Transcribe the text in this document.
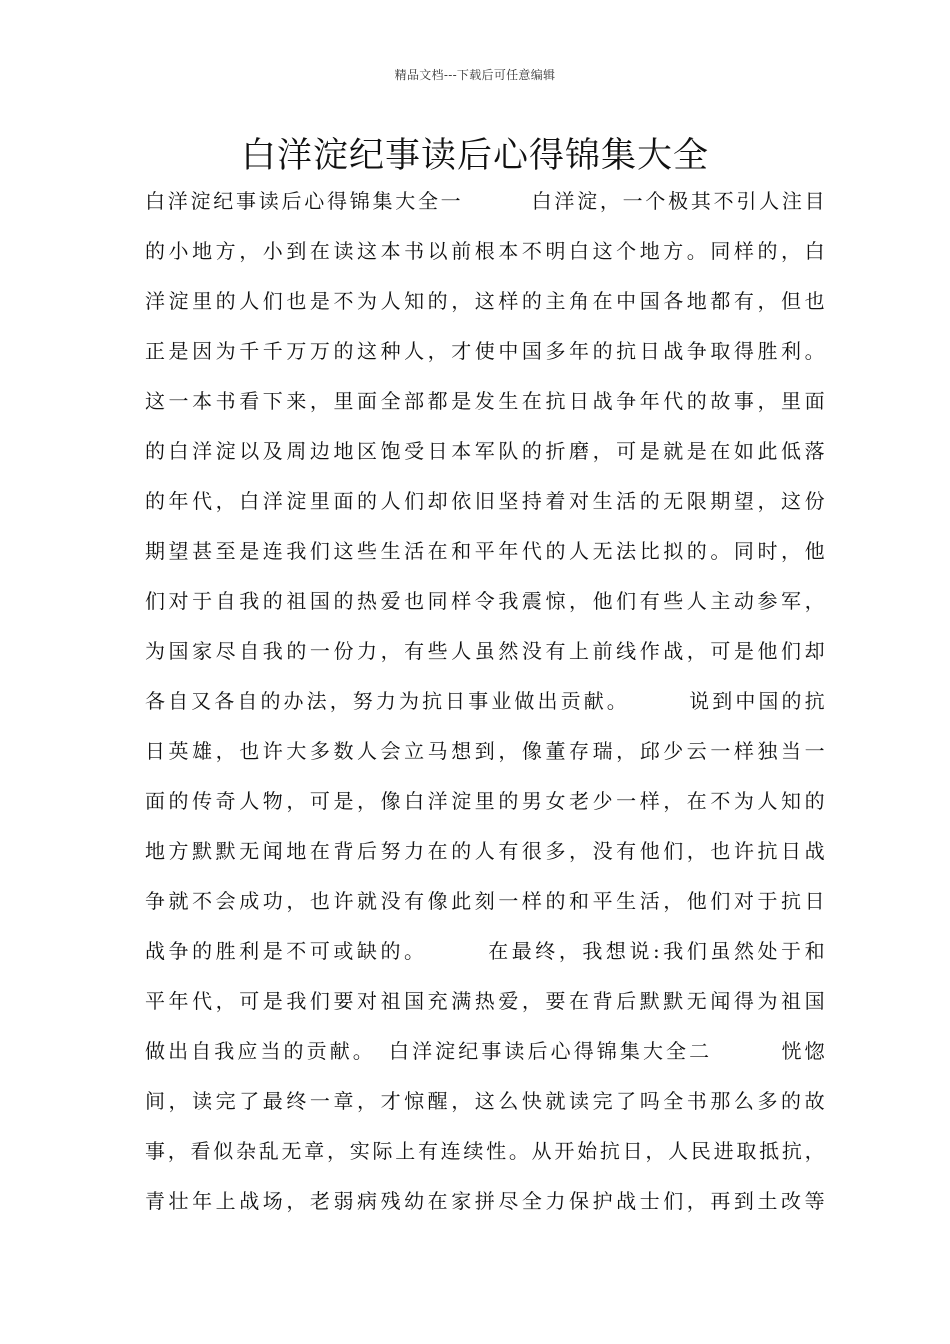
精品文档---下载后可任意编辑
白洋淀纪事读后心得锦集大全
白洋淀纪事读后心得锦集大全一　　　白洋淀，一个极其不引人注目
的小地方，小到在读这本书以前根本不明白这个地方。同样的，白
洋淀里的人们也是不为人知的，这样的主角在中国各地都有，但也
正是因为千千万万的这种人，才使中国多年的抗日战争取得胜利。
这一本书看下来，里面全部都是发生在抗日战争年代的故事，里面
的白洋淀以及周边地区饱受日本军队的折磨，可是就是在如此低落
的年代，白洋淀里面的人们却依旧坚持着对生活的无限期望，这份
期望甚至是连我们这些生活在和平年代的人无法比拟的。同时，他
们对于自我的祖国的热爱也同样令我震惊，他们有些人主动参军，
为国家尽自我的一份力，有些人虽然没有上前线作战，可是他们却
各自又各自的办法，努力为抗日事业做出贡献。　　　说到中国的抗
日英雄，也许大多数人会立马想到，像董存瑞，邱少云一样独当一
面的传奇人物，可是，像白洋淀里的男女老少一样，在不为人知的
地方默默无闻地在背后努力在的人有很多，没有他们，也许抗日战
争就不会成功，也许就没有像此刻一样的和平生活，他们对于抗日
战争的胜利是不可或缺的。　　　在最终，我想说:我们虽然处于和
平年代，可是我们要对祖国充满热爱，要在背后默默无闻得为祖国
做出自我应当的贡献。　白洋淀纪事读后心得锦集大全二　　　恍惚
间，读完了最终一章，才惊醒，这么快就读完了吗全书那么多的故
事，看似杂乱无章，实际上有连续性。从开始抗日，人民进取抵抗，
青壮年上战场，老弱病残幼在家拼尽全力保护战士们，再到土改等
